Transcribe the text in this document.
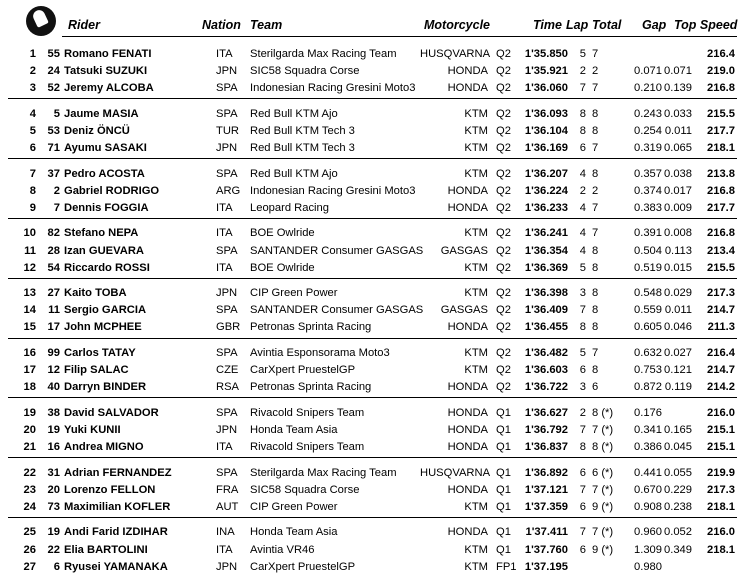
Rider	Nation Team	Motorcycle	Time Lap Total Gap Top Speed
1	55 Romano FENATI	ITA	Sterilgarda Max Racing Team	HUSQVARNA Q2	1'35.850	5 7	216.4
2	24 Tatsuki SUZUKI	JPN	SIC58 Squadra Corse	HONDA Q2	1'35.921	2 2	0.071 0.071	219.0
3	52 Jeremy ALCOBA	SPA	Indonesian Racing Gresini Moto3	HONDA Q2	1'36.060	7 7	0.210 0.139	216.8
4	5 Jaume MASIA	SPA	Red Bull KTM Ajo	KTM Q2	1'36.093	8 8	0.243 0.033	215.5
5	53 Deniz ÖNCÜ	TUR Red Bull KTM Tech 3	KTM Q2	1'36.104	8 8	0.254 0.011	217.7
6	71 Ayumu SASAKI	JPN	Red Bull KTM Tech 3	KTM Q2	1'36.169	6 7	0.319 0.065	218.1
7	37 Pedro ACOSTA	SPA	Red Bull KTM Ajo	KTM Q2	1'36.207	4 8	0.357 0.038	213.8
8	2 Gabriel RODRIGO	ARG Indonesian Racing Gresini Moto3	HONDA Q2	1'36.224	2 2	0.374 0.017	216.8
9	7 Dennis FOGGIA	ITA	Leopard Racing	HONDA Q2	1'36.233	4 7	0.383 0.009	217.7
10	82 Stefano NEPA	ITA	BOE Owlride	KTM Q2	1'36.241	4 7	0.391 0.008	216.8
11	28 Izan GUEVARA	SPA	SANTANDER Consumer GASGAS	GASGAS Q2	1'36.354	4 8	0.504 0.113	213.4
12	54 Riccardo ROSSI	ITA	BOE Owlride	KTM Q2	1'36.369	5 8	0.519 0.015	215.5
13	27 Kaito TOBA	JPN	CIP Green Power	KTM Q2	1'36.398	3 8	0.548 0.029	217.3
14	11 Sergio GARCIA	SPA	SANTANDER Consumer GASGAS	GASGAS Q2	1'36.409	7 8	0.559 0.011	214.7
15	17 John MCPHEE	GBR Petronas Sprinta Racing	HONDA Q2	1'36.455	8 8	0.605 0.046	211.3
16	99 Carlos TATAY	SPA	Avintia Esponsorama Moto3	KTM Q2	1'36.482	5 7	0.632 0.027	216.4
17	12 Filip SALAC	CZE	CarXpert PruestelGP	KTM Q2	1'36.603	6 8	0.753 0.121	214.7
18	40 Darryn BINDER	RSA Petronas Sprinta Racing	HONDA Q2	1'36.722	3 6	0.872 0.119	214.2
19	38 David SALVADOR	SPA	Rivacold Snipers Team	HONDA Q1	1'36.627	2 8 (*)	0.176	216.0
20	19 Yuki KUNII	JPN	Honda Team Asia	HONDA Q1	1'36.792	7 7 (*)	0.341 0.165	215.1
21	16 Andrea MIGNO	ITA	Rivacold Snipers Team	HONDA Q1	1'36.837	8 8 (*)	0.386 0.045	215.1
22	31 Adrian FERNANDEZ	SPA	Sterilgarda Max Racing Team	HUSQVARNA Q1	1'36.892	6 6 (*)	0.441 0.055	219.9
23	20 Lorenzo FELLON	FRA	SIC58 Squadra Corse	HONDA Q1	1'37.121	7 7 (*)	0.670 0.229	217.3
24	73 Maximilian KOFLER	AUT	CIP Green Power	KTM Q1	1'37.359	6 9 (*)	0.908 0.238	218.1
25	19 Andi Farid IZDIHAR	INA	Honda Team Asia	HONDA Q1	1'37.411	7 7 (*)	0.960 0.052	216.0
26	22 Elia BARTOLINI	ITA	Avintia VR46	KTM Q1	1'37.760	6 9 (*)	1.309 0.349	218.1
27	6 Ryusei YAMANAKA	JPN	CarXpert PruestelGP	KTM FP1 1'37.195	0.980
